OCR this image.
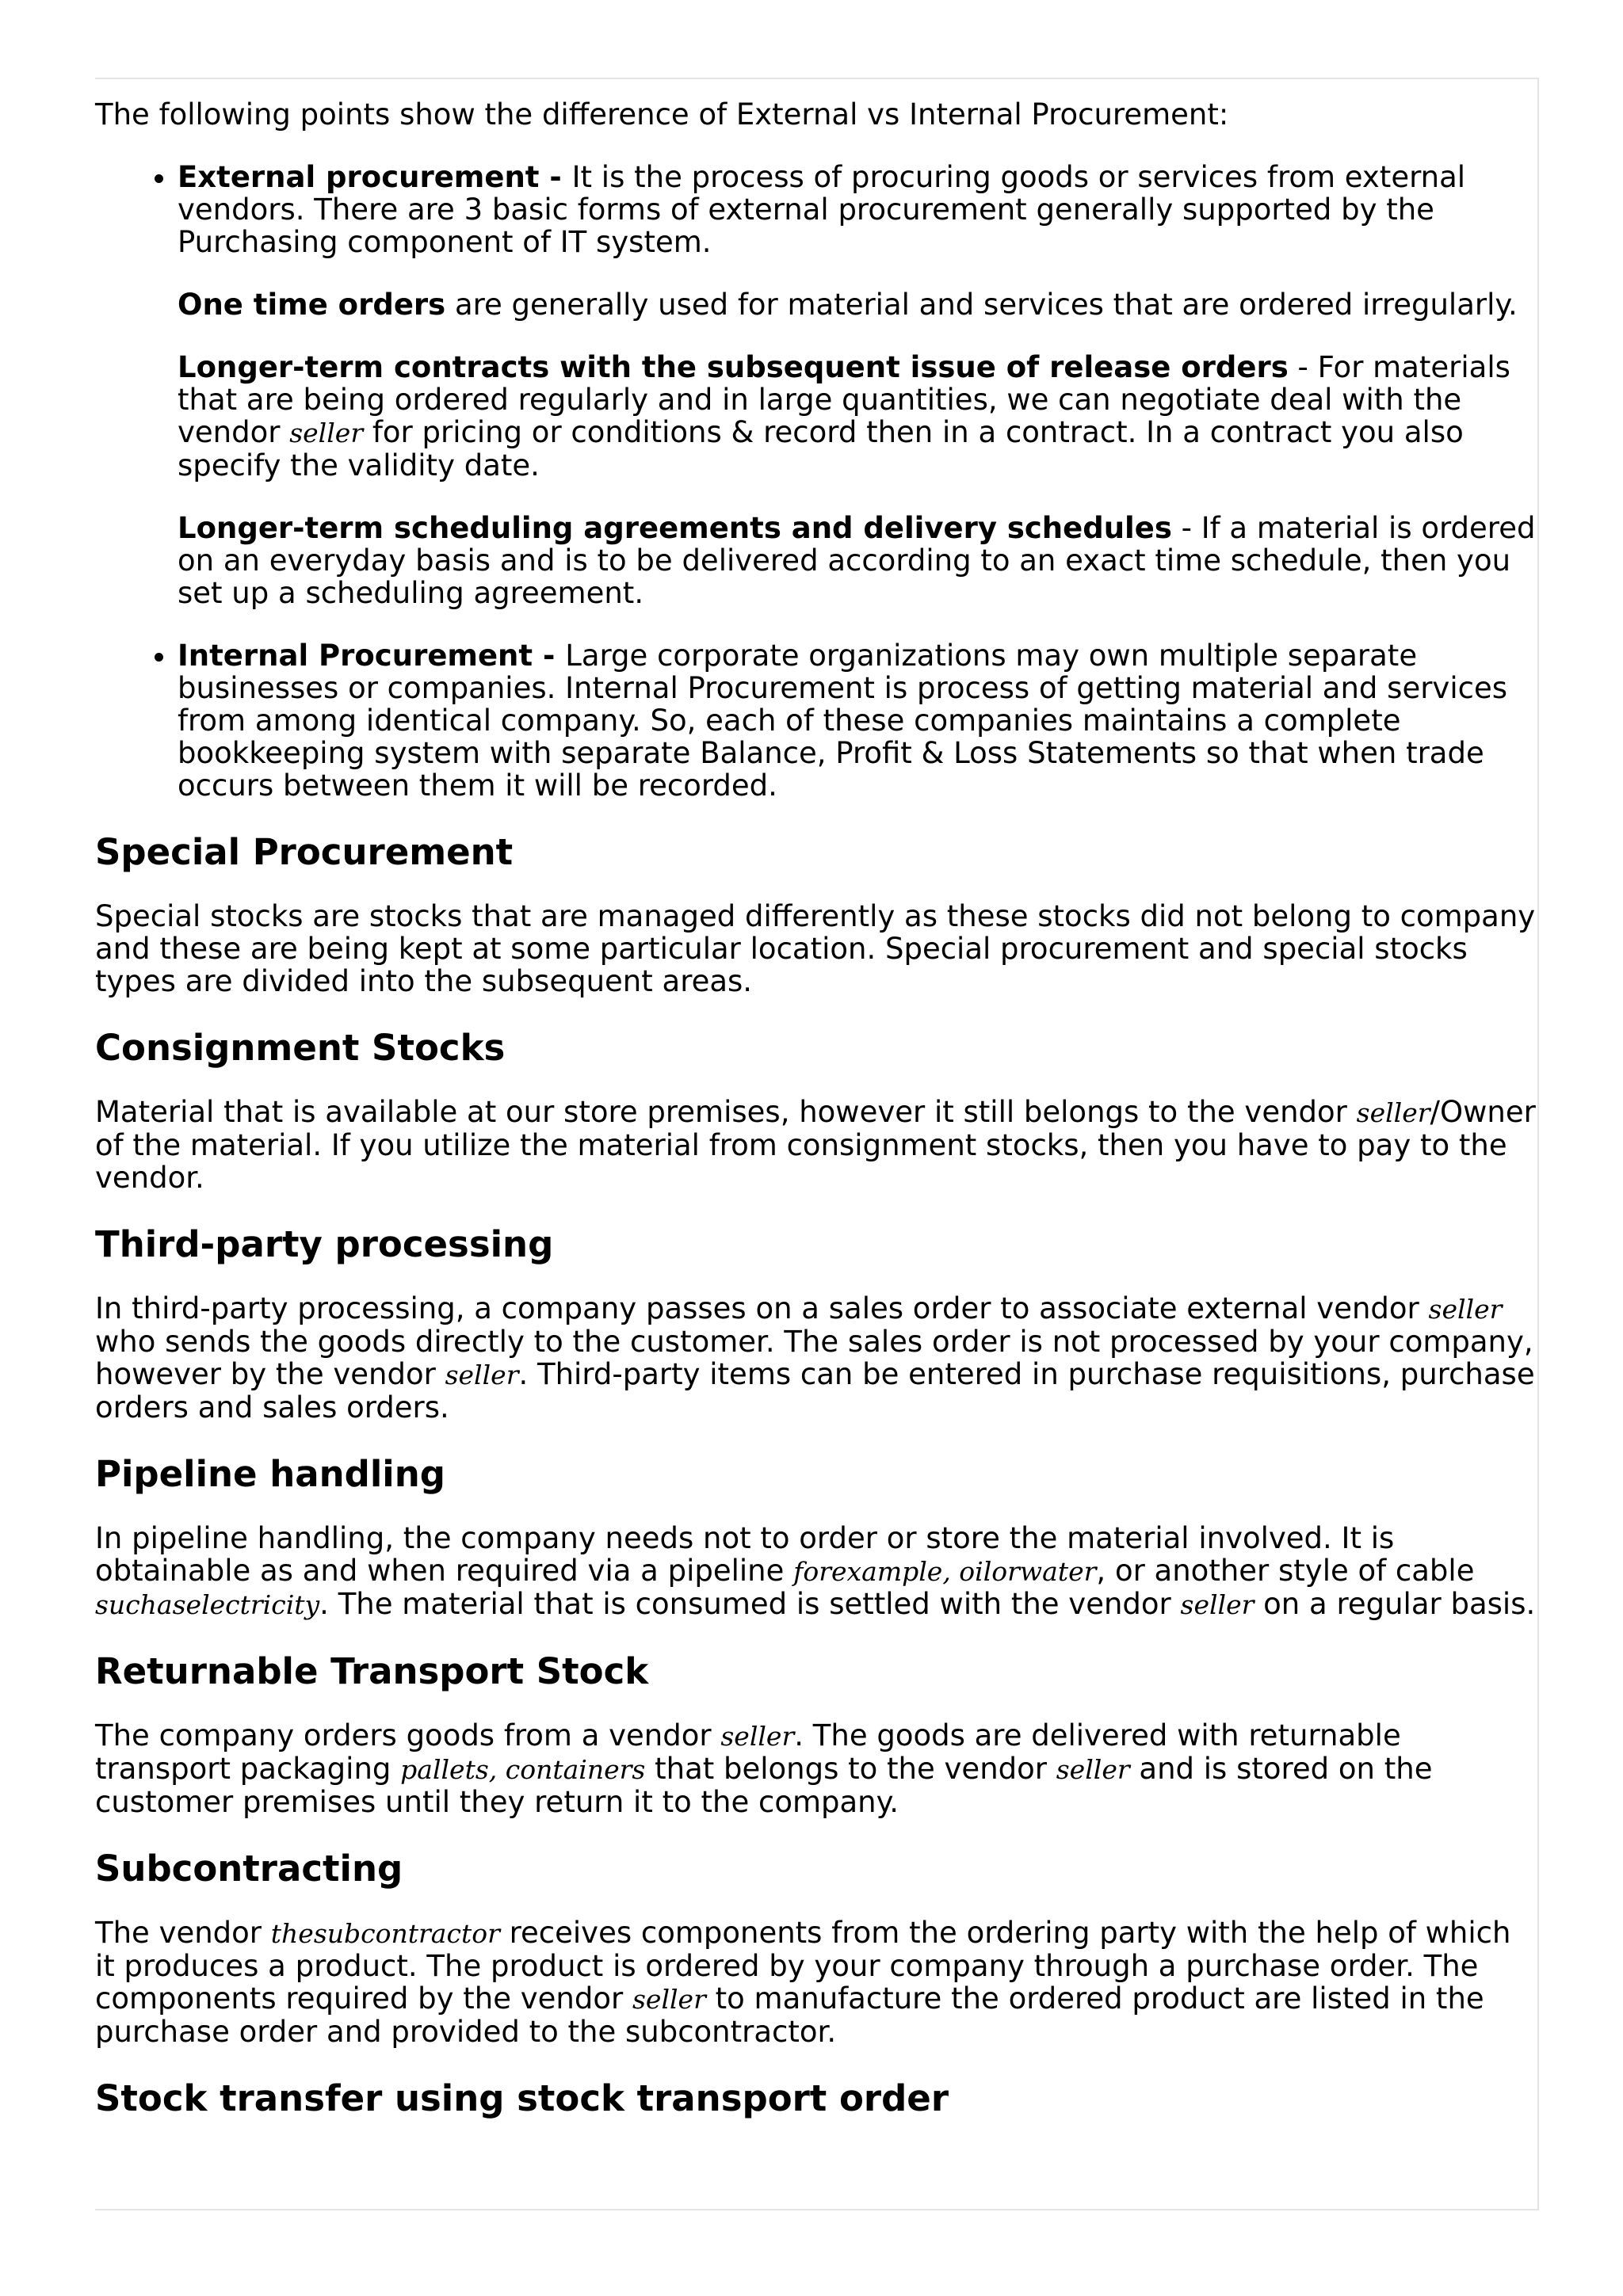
The following points show the difference of External vs Internal Procurement:

• External procurement - It is the process of procuring goods or services from external vendors. There are 3 basic forms of external procurement generally supported by the Purchasing component of IT system.

One time orders are generally used for material and services that are ordered irregularly.

Longer-term contracts with the subsequent issue of release orders - For materials that are being ordered regularly and in large quantities, we can negotiate deal with the vendor seller for pricing or conditions & record then in a contract. In a contract you also specify the validity date.

Longer-term scheduling agreements and delivery schedules - If a material is ordered on an everyday basis and is to be delivered according to an exact time schedule, then you set up a scheduling agreement.

• Internal Procurement - Large corporate organizations may own multiple separate businesses or companies. Internal Procurement is process of getting material and services from among identical company. So, each of these companies maintains a complete bookkeeping system with separate Balance, Profit & Loss Statements so that when trade occurs between them it will be recorded.

Special Procurement

Special stocks are stocks that are managed differently as these stocks did not belong to company and these are being kept at some particular location. Special procurement and special stocks types are divided into the subsequent areas.

Consignment Stocks

Material that is available at our store premises, however it still belongs to the vendor seller/Owner of the material. If you utilize the material from consignment stocks, then you have to pay to the vendor.

Third-party processing

In third-party processing, a company passes on a sales order to associate external vendor seller who sends the goods directly to the customer. The sales order is not processed by your company, however by the vendor seller. Third-party items can be entered in purchase requisitions, purchase orders and sales orders.

Pipeline handling

In pipeline handling, the company needs not to order or store the material involved. It is obtainable as and when required via a pipeline forexample, oilorwater, or another style of cable suchaselectricity. The material that is consumed is settled with the vendor seller on a regular basis.

Returnable Transport Stock

The company orders goods from a vendor seller. The goods are delivered with returnable transport packaging pallets, containers that belongs to the vendor seller and is stored on the customer premises until they return it to the company.

Subcontracting

The vendor thesubcontractor receives components from the ordering party with the help of which it produces a product. The product is ordered by your company through a purchase order. The components required by the vendor seller to manufacture the ordered product are listed in the purchase order and provided to the subcontractor.

Stock transfer using stock transport order
